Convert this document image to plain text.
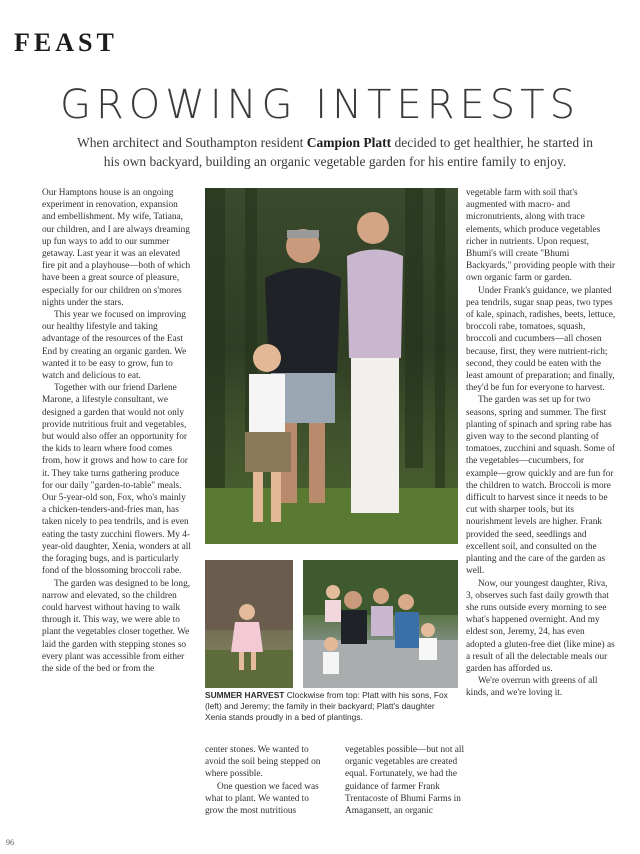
FEAST
GROWING INTERESTS
When architect and Southampton resident Campion Platt decided to get healthier, he started in his own backyard, building an organic vegetable garden for his entire family to enjoy.

Our Hamptons house is an ongoing experiment in renovation, expansion and embellishment. My wife, Tatiana, our children, and I are always dreaming up fun ways to add to our summer getaway. Last year it was an elevated fire pit and a playhouse—both of which have been a great source of pleasure, especially for our children on s'mores nights under the stars.

This year we focused on improving our healthy lifestyle and taking advantage of the resources of the East End by creating an organic garden. We wanted it to be easy to grow, fun to watch and delicious to eat.

Together with our friend Darlene Marone, a lifestyle consultant, we designed a garden that would not only provide nutritious fruit and vegetables, but would also offer an opportunity for the kids to learn where food comes from, how it grows and how to care for it. They take turns gathering produce for our daily "garden-to-table" meals. Our 5-year-old son, Fox, who's mainly a chicken-tenders-and-fries man, has taken nicely to pea tendrils, and is even eating the tasty zucchini flowers. My 4-year-old daughter, Xenia, wonders at all the foraging bugs, and is particularly fond of the blossoming broccoli rabe.

The garden was designed to be long, narrow and elevated, so the children could harvest without having to walk through it. This way, we were able to plant the vegetables closer together. We laid the garden with stepping stones so every plant was accessible from either the side of the bed or from the

SUMMER HARVEST Clockwise from top: Platt with his sons, Fox (left) and Jeremy; the family in their backyard; Platt's daughter Xenia stands proudly in a bed of plantings.

center stones. We wanted to avoid the soil being stepped on where possible.

One question we faced was what to plant. We wanted to grow the most nutritious

vegetables possible—but not all organic vegetables are created equal. Fortunately, we had the guidance of farmer Frank Trentacoste of Bhumi Farms in Amagansett, an organic

vegetable farm with soil that's augmented with macro- and micronutrients, along with trace elements, which produce vegetables richer in nutrients. Upon request, Bhumi's will create "Bhumi Backyards," providing people with their own organic farm or garden.

Under Frank's guidance, we planted pea tendrils, sugar snap peas, two types of kale, spinach, radishes, beets, lettuce, broccoli rabe, tomatoes, squash, broccoli and cucumbers—all chosen because, first, they were nutrient-rich; second, they could be eaten with the least amount of preparation; and finally, they'd be fun for everyone to harvest.

The garden was set up for two seasons, spring and summer. The first planting of spinach and spring rabe has given way to the second planting of tomatoes, zucchini and squash. Some of the vegetables—cucumbers, for example—grow quickly and are fun for the children to watch. Broccoli is more difficult to harvest since it needs to be cut with sharper tools, but its nourishment levels are higher. Frank provided the seed, seedlings and excellent soil, and consulted on the planting and the care of the garden as well.

Now, our youngest daughter, Riva, 3, observes such fast daily growth that she runs outside every morning to see what's happened overnight. And my eldest son, Jeremy, 24, has even adopted a gluten-free diet (like mine) as a result of all the delectable meals our garden has afforded us.

We're overrun with greens of all kinds, and we're loving it.

96
